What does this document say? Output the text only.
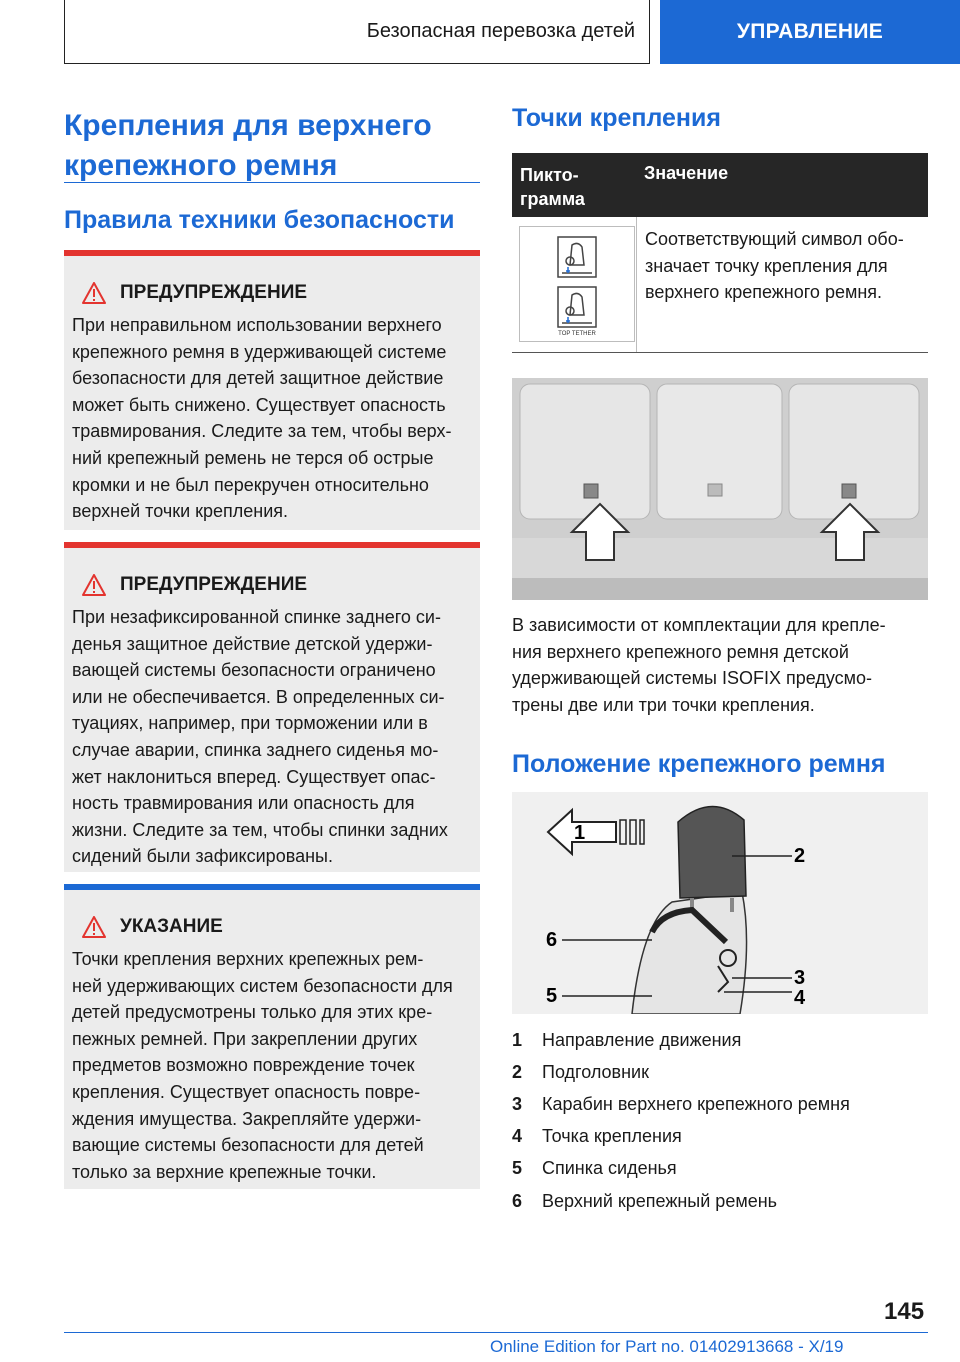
Безопасная перевозка детей	УПРАВЛЕНИЕ
Крепления для верхнего
крепежного ремня
Правила техники безопасности
ПРЕДУПРЕЖДЕНИЕ
При неправильном использовании верхнего
крепежного ремня в удерживающей системе
безопасности для детей защитное действие
может быть снижено. Существует опасность
травмирования. Следите за тем, чтобы верх-
ний крепежный ремень не терся об острые
кромки и не был перекручен относительно
верхней точки крепления.
ПРЕДУПРЕЖДЕНИЕ
При незафиксированной спинке заднего си-
денья защитное действие детской удержи-
вающей системы безопасности ограничено
или не обеспечивается. В определенных си-
туациях, например, при торможении или в
случае аварии, спинка заднего сиденья мо-
жет наклониться вперед. Существует опас-
ность травмирования или опасность для
жизни. Следите за тем, чтобы спинки задних
сидений были зафиксированы.
УКАЗАНИЕ
Точки крепления верхних крепежных рем-
ней удерживающих систем безопасности для
детей предусмотрены только для этих кре-
пежных ремней. При закреплении других
предметов возможно повреждение точек
крепления. Существует опасность повре-
ждения имущества. Закрепляйте удержи-
вающие системы безопасности для детей
только за верхние крепежные точки.
Точки крепления
Пикто-
грамма
Значение
TOP TETHER
Соответствующий символ обо-
значает точку крепления для
верхнего крепежного ремня.
В зависимости от комплектации для крепле-
ния верхнего крепежного ремня детской
удерживающей системы ISOFIX предусмо-
трены две или три точки крепления.
Положение крепежного ремня
1
2
3
4
5
6
1	Направление движения
2	Подголовник
3	Карабин верхнего крепежного ремня
4	Точка крепления
5	Спинка сиденья
6	Верхний крепежный ремень
145
Online Edition for Part no. 01402913668 - X/19
